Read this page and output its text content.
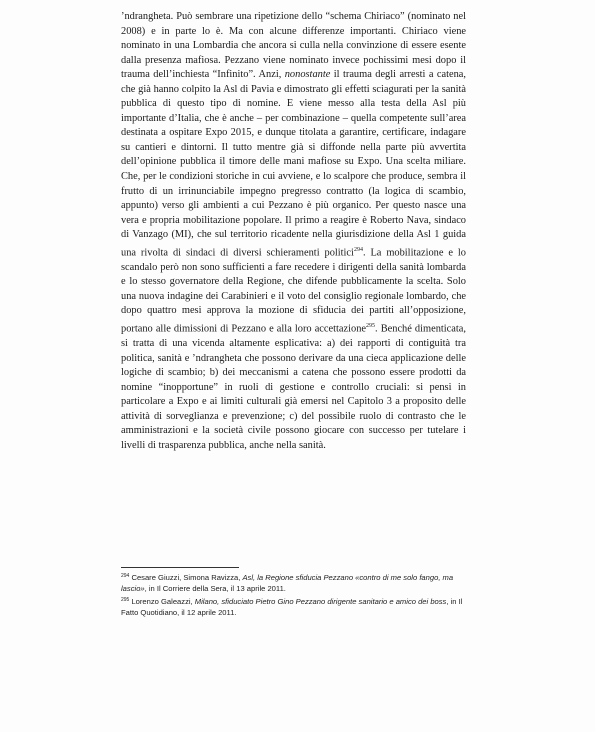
’ndrangheta. Può sembrare una ripetizione dello “schema Chiriaco” (nominato nel 2008) e in parte lo è. Ma con alcune differenze importanti. Chiriaco viene nominato in una Lombardia che ancora si culla nella convinzione di essere esente dalla presenza mafiosa. Pezzano viene nominato invece pochissimi mesi dopo il trauma dell’inchiesta “Infinito”. Anzi, nonostante il trauma degli arresti a catena, che già hanno colpito la Asl di Pavia e dimostrato gli effetti sciagurati per la sanità pubblica di questo tipo di nomine. E viene messo alla testa della Asl più importante d’Italia, che è anche – per combinazione – quella competente sull’area destinata a ospitare Expo 2015, e dunque titolata a garantire, certificare, indagare su cantieri e dintorni. Il tutto mentre già si diffonde nella parte più avvertita dell’opinione pubblica il timore delle mani mafiose su Expo. Una scelta miliare. Che, per le condizioni storiche in cui avviene, e lo scalpore che produce, sembra il frutto di un irrinunciabile impegno pregresso contratto (la logica di scambio, appunto) verso gli ambienti a cui Pezzano è più organico. Per questo nasce una vera e propria mobilitazione popolare. Il primo a reagire è Roberto Nava, sindaco di Vanzago (MI), che sul territorio ricadente nella giurisdizione della Asl 1 guida una rivolta di sindaci di diversi schieramenti politici$^{294}$. La mobilitazione e lo scandalo però non sono sufficienti a fare recedere i dirigenti della sanità lombarda e lo stesso governatore della Regione, che difende pubblicamente la scelta. Solo una nuova indagine dei Carabinieri e il voto del consiglio regionale lombardo, che dopo quattro mesi approva la mozione di sfiducia dei partiti all’opposizione, portano alle dimissioni di Pezzano e alla loro accettazione$^{295}$. Benché dimenticata, si tratta di una vicenda altamente esplicativa: a) dei rapporti di contiguità tra politica, sanità e ’ndrangheta che possono derivare da una cieca applicazione delle logiche di scambio; b) dei meccanismi a catena che possono essere prodotti da nomine “inopportune” in ruoli di gestione e controllo cruciali: si pensi in particolare a Expo e ai limiti culturali già emersi nel Capitolo 3 a proposito delle attività di sorveglianza e prevenzione; c) del possibile ruolo di contrasto che le amministrazioni e la società civile possono giocare con successo per tutelare i livelli di trasparenza pubblica, anche nella sanità.

$^{294}$ Cesare Giuzzi, Simona Ravizza, Asl, la Regione sfiducia Pezzano «contro di me solo fango, ma lascio», in Il Corriere della Sera, il 13 aprile 2011.

$^{295}$ Lorenzo Galeazzi, Milano, sfiduciato Pietro Gino Pezzano dirigente sanitario e amico dei boss, in Il Fatto Quotidiano, il 12 aprile 2011.
